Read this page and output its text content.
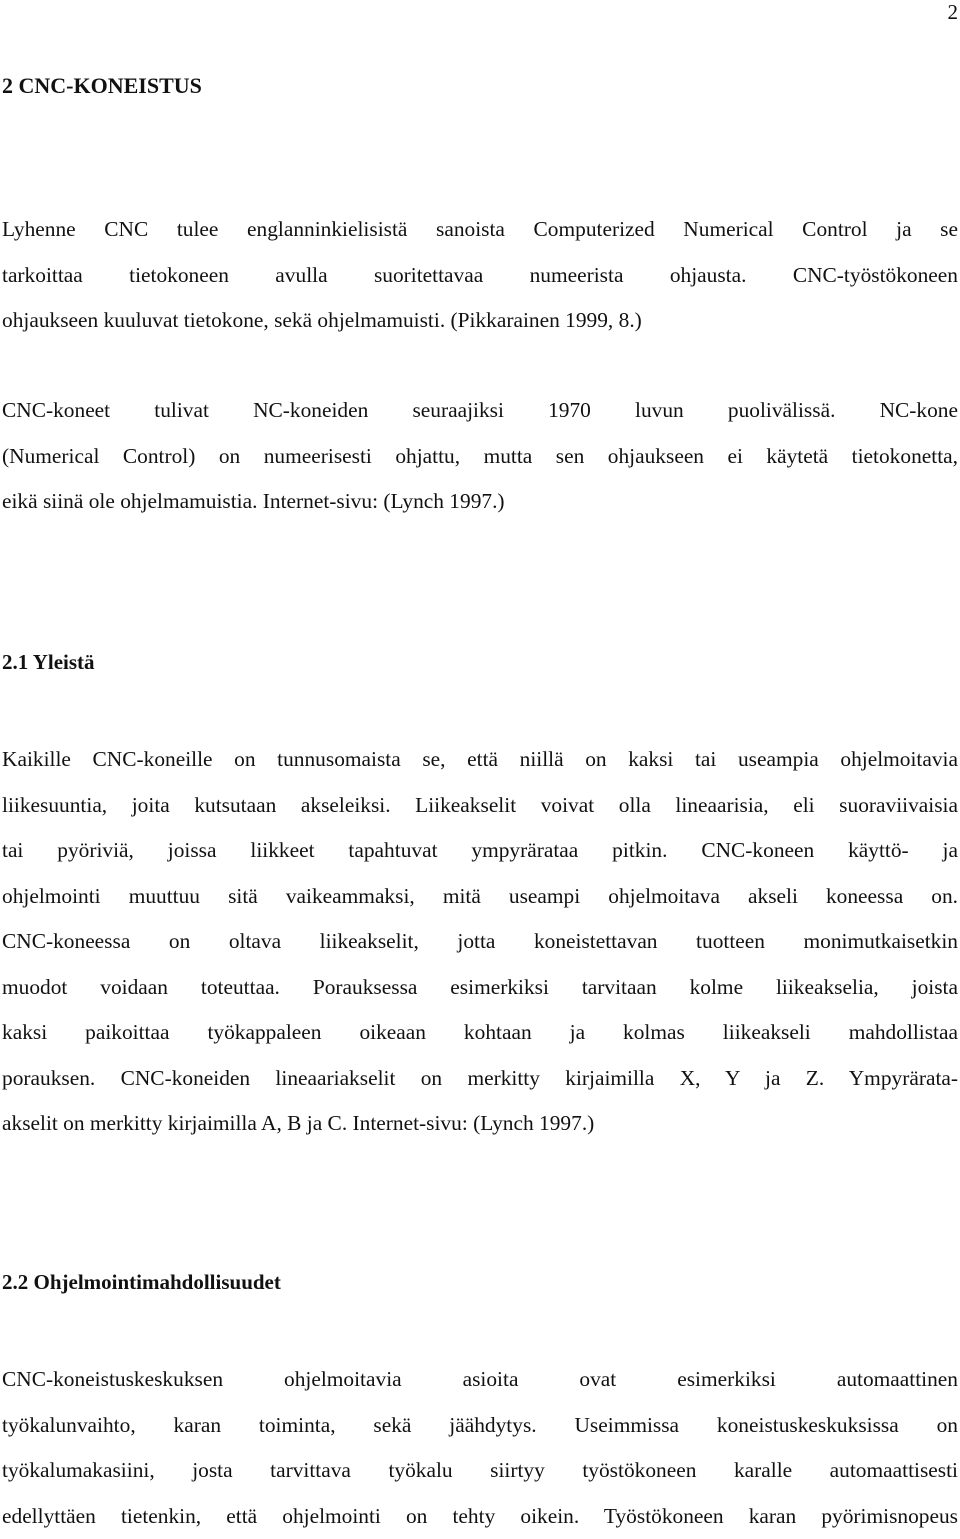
2
2 CNC-KONEISTUS

Lyhenne CNC tulee englanninkielisistä sanoista Computerized Numerical Control ja se
tarkoittaa tietokoneen avulla suoritettavaa numeerista ohjausta. CNC-työstökoneen
ohjaukseen kuuluvat tietokone, sekä ohjelmamuisti. (Pikkarainen 1999, 8.)

CNC-koneet tulivat NC-koneiden seuraajiksi 1970 luvun puolivälissä. NC-kone
(Numerical Control) on numeerisesti ohjattu, mutta sen ohjaukseen ei käytetä tietokonetta,
eikä siinä ole ohjelmamuistia. Internet-sivu: (Lynch 1997.)

2.1 Yleistä

Kaikille CNC-koneille on tunnusomaista se, että niillä on kaksi tai useampia ohjelmoitavia
liikesuuntia, joita kutsutaan akseleiksi. Liikeakselit voivat olla lineaarisia, eli suoraviivaisia
tai pyöriviä, joissa liikkeet tapahtuvat ympyrärataa pitkin. CNC-koneen käyttö- ja
ohjelmointi muuttuu sitä vaikeammaksi, mitä useampi ohjelmoitava akseli koneessa on.
CNC-koneessa on oltava liikeakselit, jotta koneistettavan tuotteen monimutkaisetkin
muodot voidaan toteuttaa. Porauksessa esimerkiksi tarvitaan kolme liikeakselia, joista
kaksi paikoittaa työkappaleen oikeaan kohtaan ja kolmas liikeakseli mahdollistaa
porauksen. CNC-koneiden lineaariakselit on merkitty kirjaimilla X, Y ja Z. Ympyrärata-
akselit on merkitty kirjaimilla A, B ja C. Internet-sivu: (Lynch 1997.)

2.2 Ohjelmointimahdollisuudet

CNC-koneistuskeskuksen ohjelmoitavia asioita ovat esimerkiksi automaattinen
työkalunvaihto, karan toiminta, sekä jäähdytys. Useimmissa koneistuskeskuksissa on
työkalumakasiini, josta tarvittava työkalu siirtyy työstökoneen karalle automaattisesti
edellyttäen tietenkin, että ohjelmointi on tehty oikein. Työstökoneen karan pyörimisnopeus
